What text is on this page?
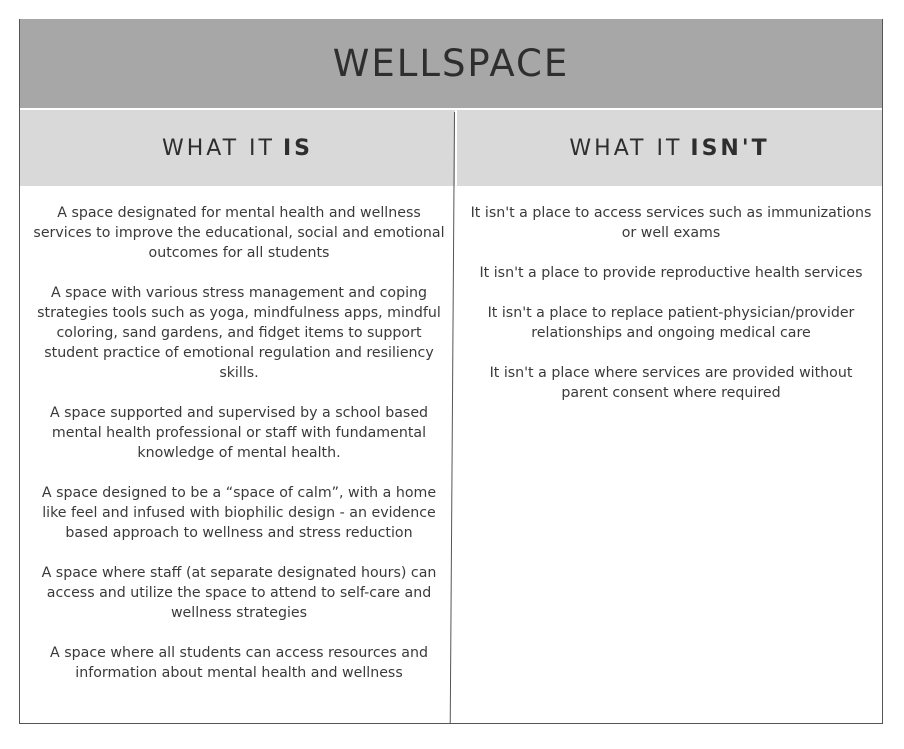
WELLSPACE
WHAT IT IS	WHAT IT ISN'T

A space designated for mental health and wellness services to improve the educational, social and emotional outcomes for all students

A space with various stress management and coping strategies tools such as yoga, mindfulness apps, mindful coloring, sand gardens, and fidget items to support student practice of emotional regulation and resiliency skills.

A space supported and supervised by a school based mental health professional or staff with fundamental knowledge of mental health.

A space designed to be a “space of calm”, with a home like feel and infused with biophilic design - an evidence based approach to wellness and stress reduction

A space where staff (at separate designated hours) can access and utilize the space to attend to self-care and wellness strategies

A space where all students can access resources and information about mental health and wellness

It isn't a place to access services such as immunizations or well exams

It isn't a place to provide reproductive health services

It isn't a place to replace patient-physician/provider relationships and ongoing medical care

It isn't a place where services are provided without parent consent where required
